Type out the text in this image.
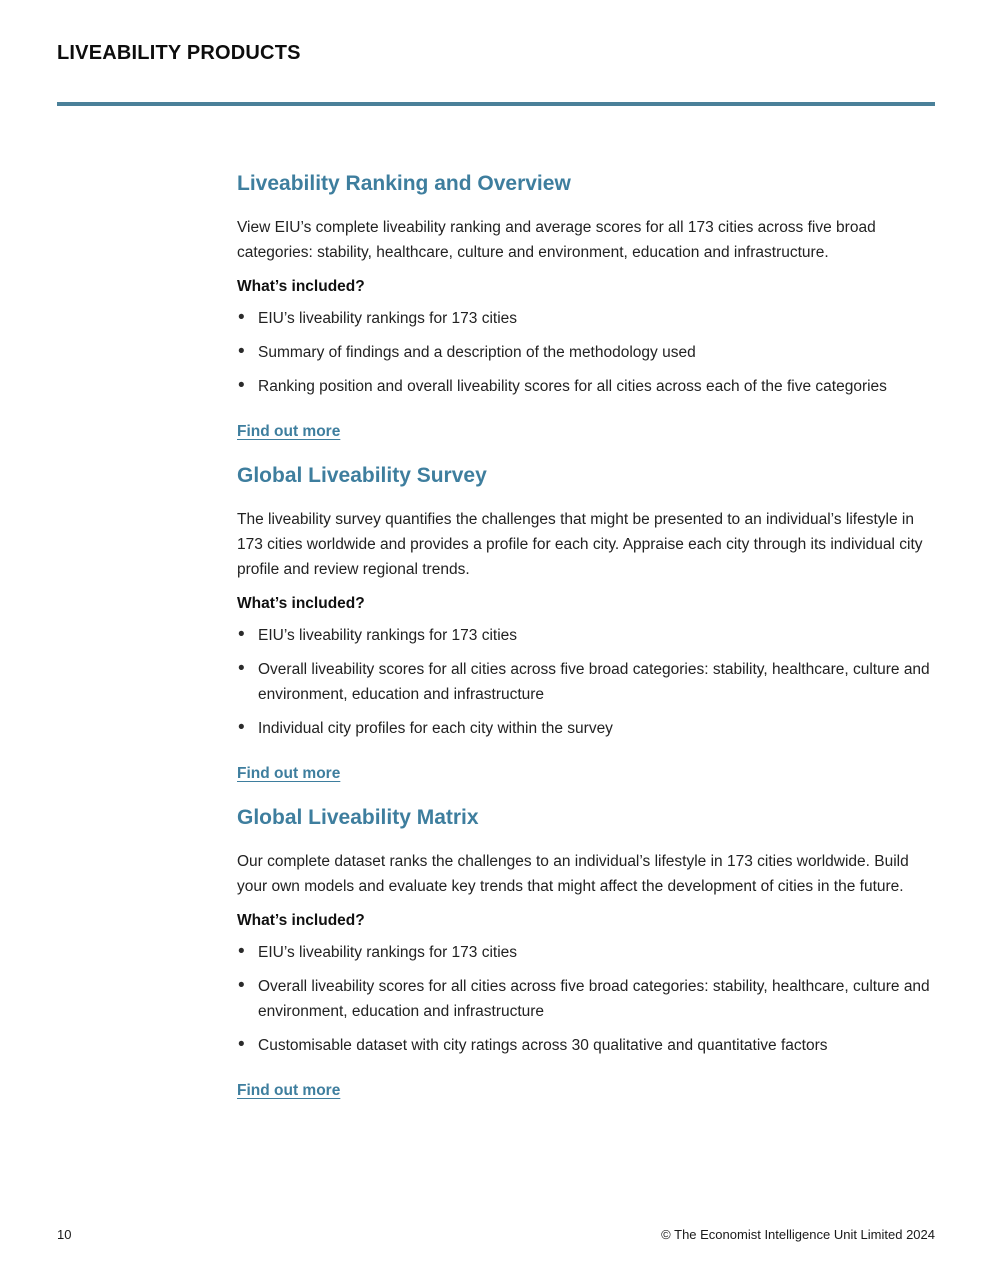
LIVEABILITY PRODUCTS
Liveability Ranking and Overview

View EIU’s complete liveability ranking and average scores for all 173 cities across five broad categories: stability, healthcare, culture and environment, education and infrastructure.

What’s included?

• EIU’s liveability rankings for 173 cities
• Summary of findings and a description of the methodology used
• Ranking position and overall liveability scores for all cities across each of the five categories
Find out more
Global Liveability Survey

The liveability survey quantifies the challenges that might be presented to an individual’s lifestyle in 173 cities worldwide and provides a profile for each city. Appraise each city through its individual city profile and review regional trends.

What’s included?

• EIU’s liveability rankings for 173 cities
• Overall liveability scores for all cities across five broad categories: stability, healthcare, culture and environment, education and infrastructure
• Individual city profiles for each city within the survey
Find out more
Global Liveability Matrix

Our complete dataset ranks the challenges to an individual’s lifestyle in 173 cities worldwide. Build your own models and evaluate key trends that might affect the development of cities in the future.

What’s included?

• EIU’s liveability rankings for 173 cities
• Overall liveability scores for all cities across five broad categories: stability, healthcare, culture and environment, education and infrastructure
• Customisable dataset with city ratings across 30 qualitative and quantitative factors
Find out more
10	© The Economist Intelligence Unit Limited 2024
